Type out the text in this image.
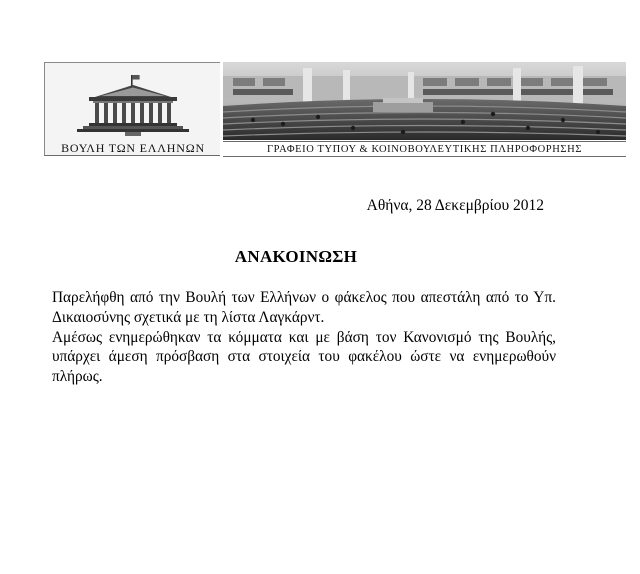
ΒΟΥΛΗ ΤΩΝ ΕΛΛΗΝΩΝ	ΓΡΑΦΕΙΟ ΤΥΠΟΥ & ΚΟΙΝΟΒΟΥΛΕΥΤΙΚΗΣ ΠΛΗΡΟΦΟΡΗΣΗΣ
Αθήνα, 28 Δεκεμβρίου 2012
ΑΝΑΚΟΙΝΩΣΗ

Παρελήφθη από την Βουλή των Ελλήνων ο φάκελος που απεστάλη από το Υπ. Δικαιοσύνης σχετικά με τη λίστα Λαγκάρντ.

Αμέσως ενημερώθηκαν τα κόμματα και με βάση τον Κανονισμό της Βουλής, υπάρχει άμεση πρόσβαση στα στοιχεία του φακέλου ώστε να ενημερωθούν πλήρως.
